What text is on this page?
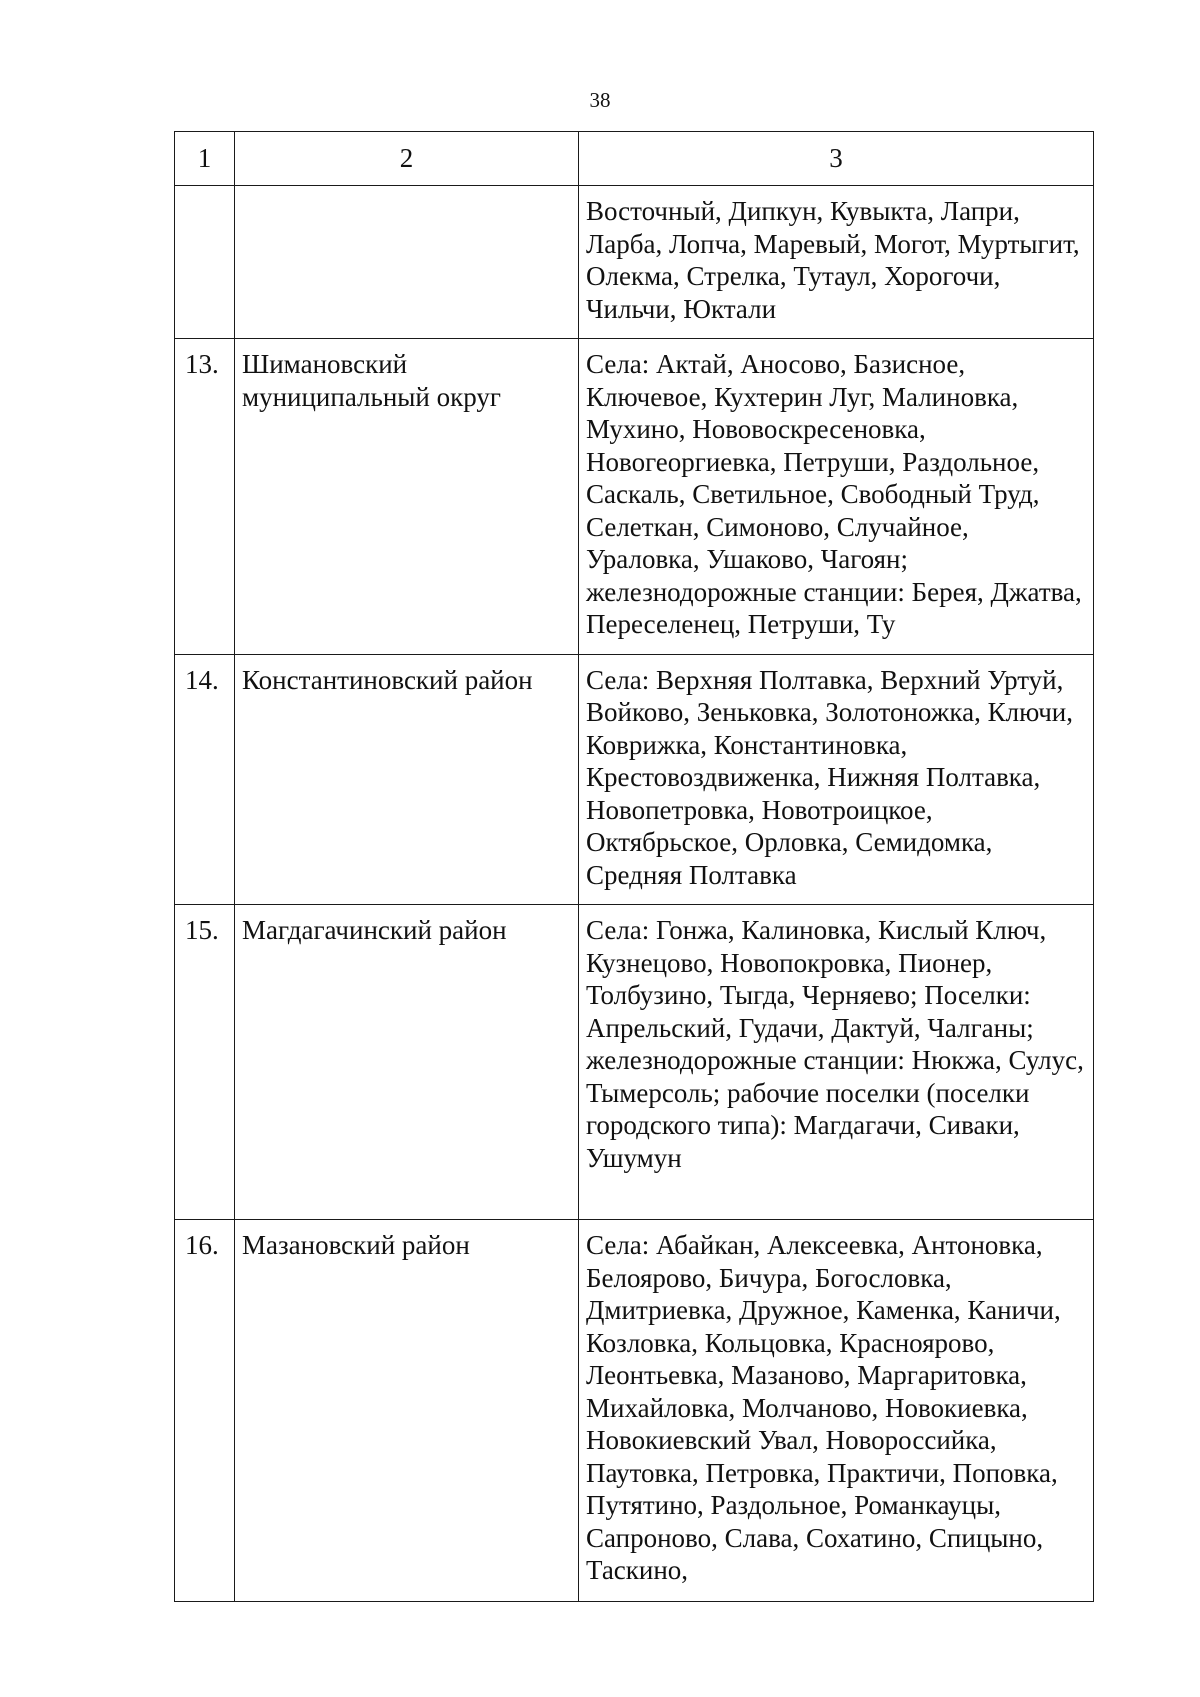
38
1	2	3
		Восточный, Дипкун, Кувыкта, Лапри, Ларба, Лопча, Маревый, Могот, Муртыгит, Олекма, Стрелка, Тутаул, Хорогочи, Чильчи, Юктали
13.	Шимановский муниципальный округ	Села: Актай, Аносово, Базисное, Ключевое, Кухтерин Луг, Малиновка, Мухино, Нововоскресеновка, Новогеоргиевка, Петруши, Раздольное, Саскаль, Светильное, Свободный Труд, Селеткан, Симоново, Случайное, Ураловка, Ушаково, Чагоян; железнодорожные станции: Берея, Джатва, Переселенец, Петруши, Ту
14.	Константиновский район	Села: Верхняя Полтавка, Верхний Уртуй, Войково, Зеньковка, Золотоножка, Ключи, Коврижка, Константиновка, Крестовоздвиженка, Нижняя Полтавка, Новопетровка, Новотроицкое, Октябрьское, Орловка, Семидомка, Средняя Полтавка
15.	Магдагачинский район	Села: Гонжа, Калиновка, Кислый Ключ, Кузнецово, Новопокровка, Пионер, Толбузино, Тыгда, Черняево; Поселки: Апрельский, Гудачи, Дактуй, Чалганы; железнодорожные станции: Нюкжа, Сулус, Тымерсоль; рабочие поселки (поселки городского типа): Магдагачи, Сиваки, Ушумун
16.	Мазановский район	Села: Абайкан, Алексеевка, Антоновка, Белоярово, Бичура, Богословка, Дмитриевка, Дружное, Каменка, Каничи, Козловка, Кольцовка, Красноярово, Леонтьевка, Мазаново, Маргаритовка, Михайловка, Молчаново, Новокиевка, Новокиевский Увал, Новороссийка, Паутовка, Петровка, Практичи, Поповка, Путятино, Раздольное, Романкауцы, Сапроново, Слава, Сохатино, Спицыно, Таскино,
